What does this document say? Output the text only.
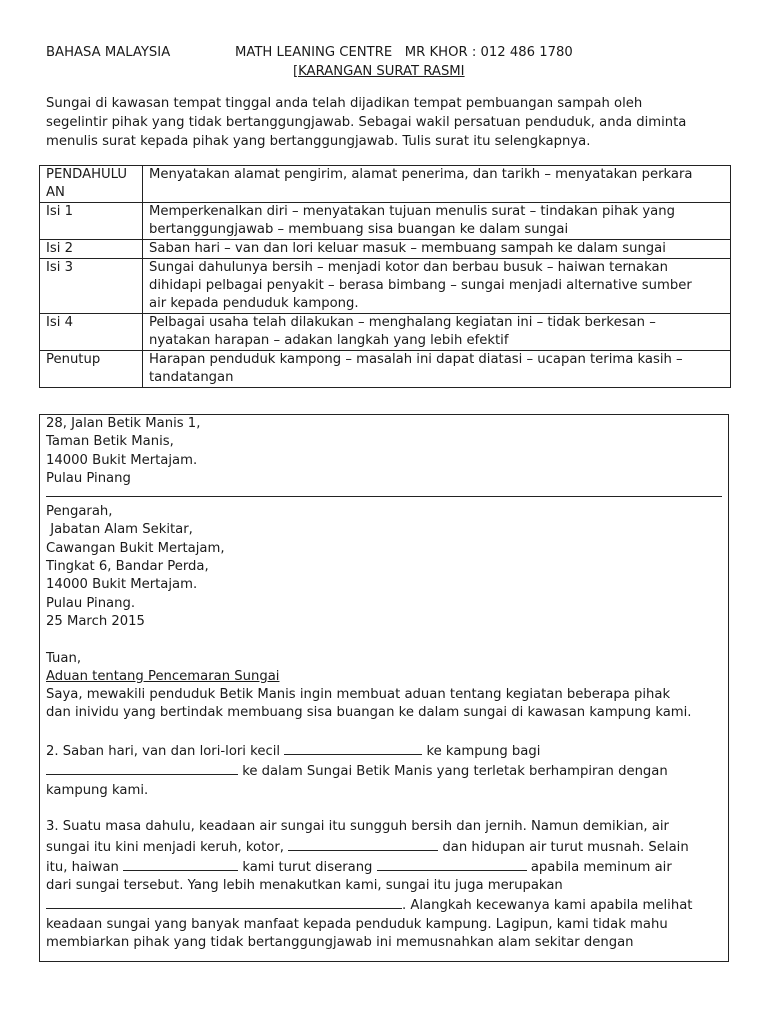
BAHASA MALAYSIA	MATH LEANING CENTRE   MR KHOR : 012 486 1780
[KARANGAN SURAT RASMI
Sungai di kawasan tempat tinggal anda telah dijadikan tempat pembuangan sampah oleh
segelintir pihak yang tidak bertanggungjawab. Sebagai wakil persatuan penduduk, anda diminta
menulis surat kepada pihak yang bertanggungjawab. Tulis surat itu selengkapnya.
PENDAHULU
AN	Menyatakan alamat pengirim, alamat penerima, dan tarikh – menyatakan perkara

Isi 1	Memperkenalkan diri – menyatakan tujuan menulis surat – tindakan pihak yang
bertanggungjawab – membuang sisa buangan ke dalam sungai

Isi 2	Saban hari – van dan lori keluar masuk – membuang sampah ke dalam sungai

Isi 3	Sungai dahulunya bersih – menjadi kotor dan berbau busuk – haiwan ternakan
dihidapi pelbagai penyakit – berasa bimbang – sungai menjadi alternative sumber
air kepada penduduk kampong.

Isi 4	Pelbagai usaha telah dilakukan – menghalang kegiatan ini – tidak berkesan –
nyatakan harapan – adakan langkah yang lebih efektif

Penutup	Harapan penduduk kampong – masalah ini dapat diatasi – ucapan terima kasih –
tandatangan
28, Jalan Betik Manis 1,
Taman Betik Manis,
14000 Bukit Mertajam.
Pulau Pinang
Pengarah,
Jabatan Alam Sekitar,
Cawangan Bukit Mertajam,
Tingkat 6, Bandar Perda,
14000 Bukit Mertajam.
Pulau Pinang.
25 March 2015
Tuan,
Aduan tentang Pencemaran Sungai
Saya, mewakili penduduk Betik Manis ingin membuat aduan tentang kegiatan beberapa pihak
dan inividu yang bertindak membuang sisa buangan ke dalam sungai di kawasan kampung kami.
2. Saban hari, van dan lori-lori kecil	ke kampung bagi
ke dalam Sungai Betik Manis yang terletak berhampiran dengan
kampung kami.
3. Suatu masa dahulu, keadaan air sungai itu sungguh bersih dan jernih. Namun demikian, air
sungai itu kini menjadi keruh, kotor,	dan hidupan air turut musnah. Selain
itu, haiwan	kami turut diserang	apabila meminum air
dari sungai tersebut. Yang lebih menakutkan kami, sungai itu juga merupakan
. Alangkah kecewanya kami apabila melihat
keadaan sungai yang banyak manfaat kepada penduduk kampung. Lagipun, kami tidak mahu
membiarkan pihak yang tidak bertanggungjawab ini memusnahkan alam sekitar dengan
